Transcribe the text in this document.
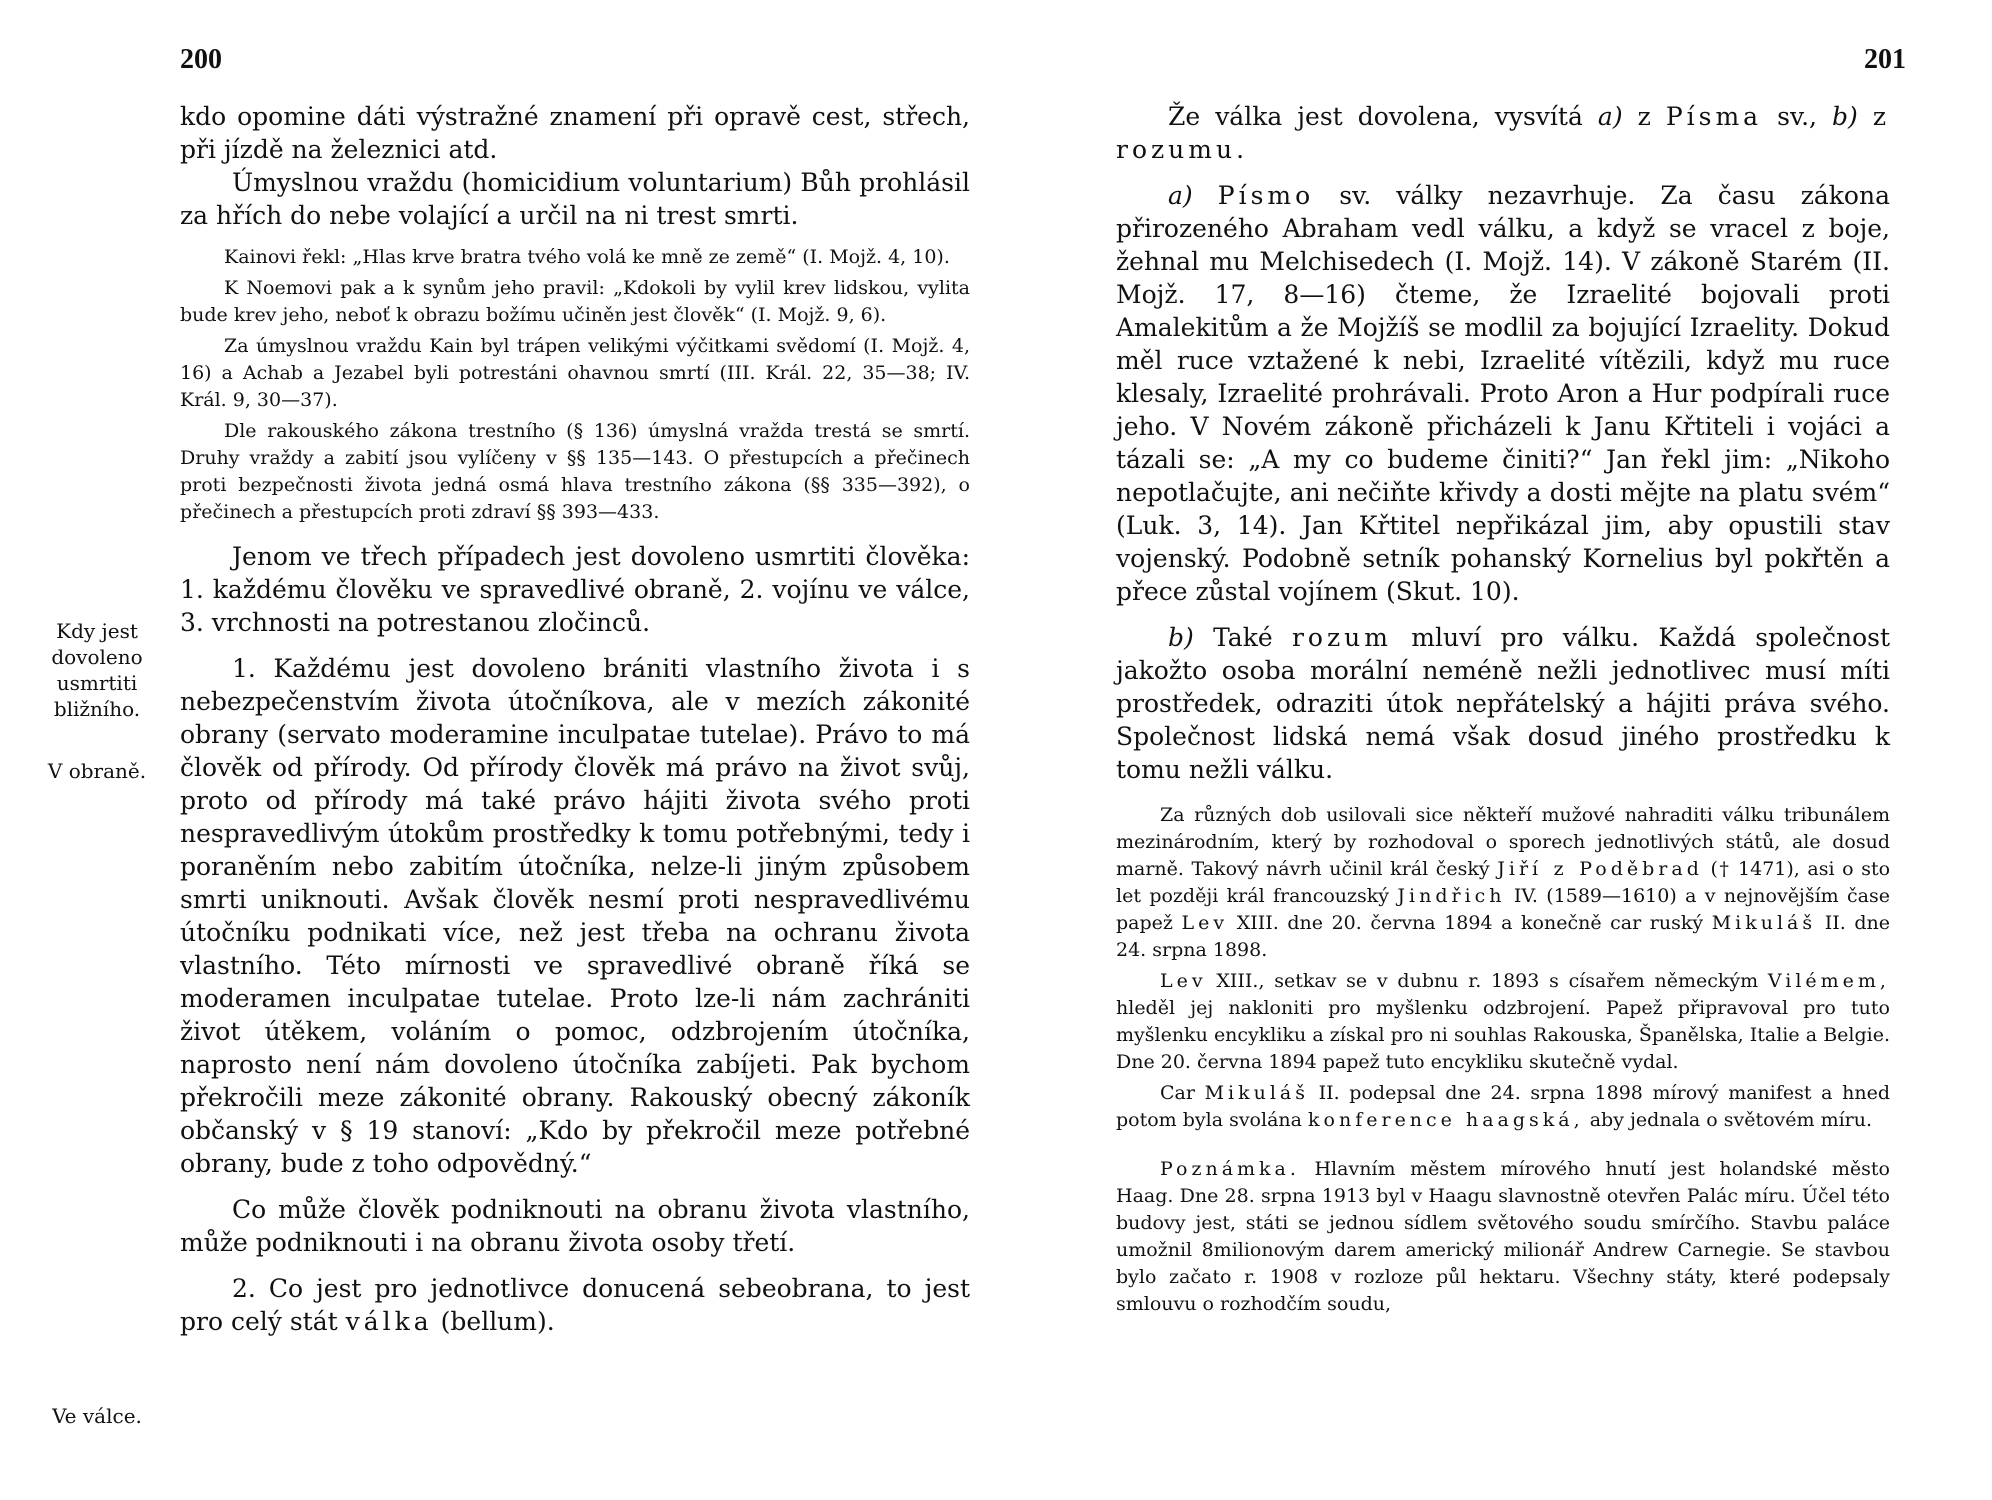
200

kdo opomine dáti výstražné znamení při opravě cest, střech, při jízdě na železnici atd.

Úmyslnou vraždu (homicidium voluntarium) Bůh prohlásil za hřích do nebe volající a určil na ni trest smrti.

Kainovi řekl: „Hlas krve bratra tvého volá ke mně ze země“ (I. Mojž. 4, 10).

K Noemovi pak a k synům jeho pravil: „Kdokoli by vylil krev lidskou, vylita bude krev jeho, neboť k obrazu božímu učiněn jest člověk“ (I. Mojž. 9, 6).

Za úmyslnou vraždu Kain byl trápen velikými výčitkami svědomí (I. Mojž. 4, 16) a Achab a Jezabel byli potrestáni ohavnou smrtí (III. Král. 22, 35—38; IV. Král. 9, 30—37).

Dle rakouského zákona trestního (§ 136) úmyslná vražda trestá se smrtí. Druhy vraždy a zabití jsou vylíčeny v §§ 135—143. O přestupcích a přečinech proti bezpečnosti života jedná osmá hlava trestního zákona (§§ 335—392), o přečinech a přestupcích proti zdraví §§ 393—433.

Jenom ve třech případech jest dovoleno usmrtiti člověka: 1. každému člověku ve spravedlivé obraně, 2. vojínu ve válce, 3. vrchnosti na potrestanou zločinců.

1. Každému jest dovoleno brániti vlastního života i s nebezpečenstvím života útočníkova, ale v mezích zákonité obrany (servato moderamine inculpatae tutelae). Právo to má člověk od přírody. Od přírody člověk má právo na život svůj, proto od přírody má také právo hájiti života svého proti nespravedlivým útokům prostředky k tomu potřebnými, tedy i poraněním nebo zabitím útočníka, nelze-li jiným způsobem smrti uniknouti. Avšak člověk nesmí proti nespravedlivému útočníku podnikati více, než jest třeba na ochranu života vlastního. Této mírnosti ve spravedlivé obraně říká se moderamen inculpatae tutelae. Proto lze-li nám zachrániti život útěkem, voláním o pomoc, odzbrojením útočníka, naprosto není nám dovoleno útočníka zabíjeti. Pak bychom překročili meze zákonité obrany. Rakouský obecný zákoník občanský v § 19 stanoví: „Kdo by překročil meze potřebné obrany, bude z toho odpovědný.“

Co může člověk podniknouti na obranu života vlastního, může podniknouti i na obranu života osoby třetí.

2. Co jest pro jednotlivce donucená sebeobrana, to jest pro celý stát válka (bellum).

Kdy jest dovoleno usmrtiti bližního.
V obraně.
Ve válce.
201

Že válka jest dovolena, vysvítá a) z Písma sv., b) z rozumu.

a) Písmo sv. války nezavrhuje. Za času zákona přirozeného Abraham vedl válku, a když se vracel z boje, žehnal mu Melchisedech (I. Mojž. 14). V zákoně Starém (II. Mojž. 17, 8—16) čteme, že Izraelité bojovali proti Amalekitům a že Mojžíš se modlil za bojující Izraelity. Dokud měl ruce vztažené k nebi, Izraelité vítězili, když mu ruce klesaly, Izraelité prohrávali. Proto Aron a Hur podpírali ruce jeho. V Novém zákoně přicházeli k Janu Křtiteli i vojáci a tázali se: „A my co budeme činiti?“ Jan řekl jim: „Nikoho nepotlačujte, ani nečiňte křivdy a dosti mějte na platu svém“ (Luk. 3, 14). Jan Křtitel nepřikázal jim, aby opustili stav vojenský. Podobně setník pohanský Kornelius byl pokřtěn a přece zůstal vojínem (Skut. 10).

b) Také rozum mluví pro válku. Každá společnost jakožto osoba morální neméně nežli jednotlivec musí míti prostředek, odraziti útok nepřátelský a hájiti práva svého. Společnost lidská nemá však dosud jiného prostředku k tomu nežli válku.

Za různých dob usilovali sice někteří mužové nahraditi válku tribunálem mezinárodním, který by rozhodoval o sporech jednotlivých států, ale dosud marně. Takový návrh učinil král český Jiří z Poděbrad († 1471), asi o sto let později král francouzský Jindřich IV. (1589—1610) a v nejnovějším čase papež Lev XIII. dne 20. června 1894 a konečně car ruský Mikuláš II. dne 24. srpna 1898.

Lev XIII., setkav se v dubnu r. 1893 s císařem německým Vilémem, hleděl jej nakloniti pro myšlenku odzbrojení. Papež připravoval pro tuto myšlenku encykliku a získal pro ni souhlas Rakouska, Španělska, Italie a Belgie. Dne 20. června 1894 papež tuto encykliku skutečně vydal.

Car Mikuláš II. podepsal dne 24. srpna 1898 mírový manifest a hned potom byla svolána konference haagská, aby jednala o světovém míru.

Poznámka. Hlavním městem mírového hnutí jest holandské město Haag. Dne 28. srpna 1913 byl v Haagu slavnostně otevřen Palác míru. Účel této budovy jest, státi se jednou sídlem světového soudu smírčího. Stavbu paláce umožnil 8milionovým darem americký milionář Andrew Carnegie. Se stavbou bylo začato r. 1908 v rozloze půl hektaru. Všechny státy, které podepsaly smlouvu o rozhodčím soudu,
